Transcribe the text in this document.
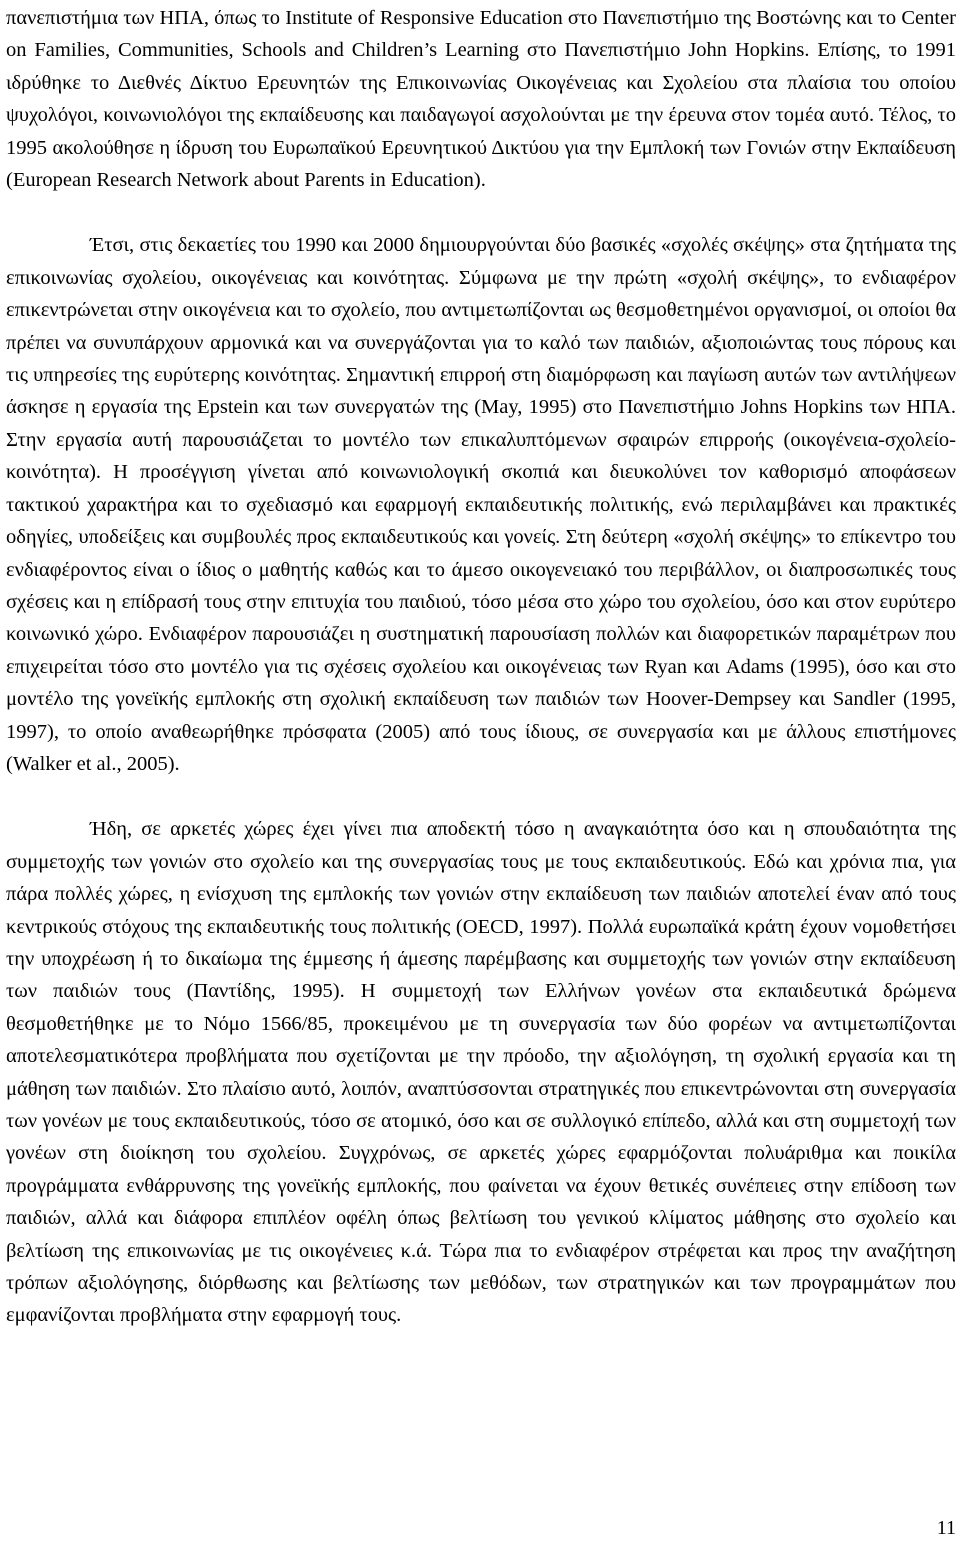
πανεπιστήμια των ΗΠΑ, όπως το Institute of Responsive Education στο Πανεπιστήμιο της Βοστώνης και το Center on Families, Communities, Schools and Children’s Learning στο Πανεπιστήμιο John Hopkins. Επίσης, το 1991 ιδρύθηκε το Διεθνές Δίκτυο Ερευνητών της Επικοινωνίας Οικογένειας και Σχολείου στα πλαίσια του οποίου ψυχολόγοι, κοινωνιολόγοι της εκπαίδευσης και παιδαγωγοί ασχολούνται με την έρευνα στον τομέα αυτό. Τέλος, το 1995 ακολούθησε η ίδρυση του Ευρωπαϊκού Ερευνητικού Δικτύου για την Εμπλοκή των Γονιών στην Εκπαίδευση (European Research Network about Parents in Education).

Έτσι, στις δεκαετίες του 1990 και 2000 δημιουργούνται δύο βασικές «σχολές σκέψης» στα ζητήματα της επικοινωνίας σχολείου, οικογένειας και κοινότητας. Σύμφωνα με την πρώτη «σχολή σκέψης», το ενδιαφέρον επικεντρώνεται στην οικογένεια και το σχολείο, που αντιμετωπίζονται ως θεσμοθετημένοι οργανισμοί, οι οποίοι θα πρέπει να συνυπάρχουν αρμονικά και να συνεργάζονται για το καλό των παιδιών, αξιοποιώντας τους πόρους και τις υπηρεσίες της ευρύτερης κοινότητας. Σημαντική επιρροή στη διαμόρφωση και παγίωση αυτών των αντιλήψεων άσκησε η εργασία της Epstein και των συνεργατών της (May, 1995) στο Πανεπιστήμιο Johns Hopkins των ΗΠΑ. Στην εργασία αυτή παρουσιάζεται το μοντέλο των επικαλυπτόμενων σφαιρών επιρροής (οικογένεια-σχολείο-κοινότητα). Η προσέγγιση γίνεται από κοινωνιολογική σκοπιά και διευκολύνει τον καθορισμό αποφάσεων τακτικού χαρακτήρα και το σχεδιασμό και εφαρμογή εκπαιδευτικής πολιτικής, ενώ περιλαμβάνει και πρακτικές οδηγίες, υποδείξεις και συμβουλές προς εκπαιδευτικούς και γονείς. Στη δεύτερη «σχολή σκέψης» το επίκεντρο του ενδιαφέροντος είναι ο ίδιος ο μαθητής καθώς και το άμεσο οικογενειακό του περιβάλλον, οι διαπροσωπικές τους σχέσεις και η επίδρασή τους στην επιτυχία του παιδιού, τόσο μέσα στο χώρο του σχολείου, όσο και στον ευρύτερο κοινωνικό χώρο. Ενδιαφέρον παρουσιάζει η συστηματική παρουσίαση πολλών και διαφορετικών παραμέτρων που επιχειρείται τόσο στο μοντέλο για τις σχέσεις σχολείου και οικογένειας των Ryan και Adams (1995), όσο και στο μοντέλο της γονεϊκής εμπλοκής στη σχολική εκπαίδευση των παιδιών των Hoover-Dempsey και Sandler (1995, 1997), το οποίο αναθεωρήθηκε πρόσφατα (2005) από τους ίδιους, σε συνεργασία και με άλλους επιστήμονες (Walker et al., 2005).

Ήδη, σε αρκετές χώρες έχει γίνει πια αποδεκτή τόσο η αναγκαιότητα όσο και η σπουδαιότητα της συμμετοχής των γονιών στο σχολείο και της συνεργασίας τους με τους εκπαιδευτικούς. Εδώ και χρόνια πια, για πάρα πολλές χώρες, η ενίσχυση της εμπλοκής των γονιών στην εκπαίδευση των παιδιών αποτελεί έναν από τους κεντρικούς στόχους της εκπαιδευτικής τους πολιτικής (OECD, 1997). Πολλά ευρωπαϊκά κράτη έχουν νομοθετήσει την υποχρέωση ή το δικαίωμα της έμμεσης ή άμεσης παρέμβασης και συμμετοχής των γονιών στην εκπαίδευση των παιδιών τους (Παντίδης, 1995). Η συμμετοχή των Ελλήνων γονέων στα εκπαιδευτικά δρώμενα θεσμοθετήθηκε με το Νόμο 1566/85, προκειμένου με τη συνεργασία των δύο φορέων να αντιμετωπίζονται αποτελεσματικότερα προβλήματα που σχετίζονται με την πρόοδο, την αξιολόγηση, τη σχολική εργασία και τη μάθηση των παιδιών. Στο πλαίσιο αυτό, λοιπόν, αναπτύσσονται στρατηγικές που επικεντρώνονται στη συνεργασία των γονέων με τους εκπαιδευτικούς, τόσο σε ατομικό, όσο και σε συλλογικό επίπεδο, αλλά και στη συμμετοχή των γονέων στη διοίκηση του σχολείου. Συγχρόνως, σε αρκετές χώρες εφαρμόζονται πολυάριθμα και ποικίλα προγράμματα ενθάρρυνσης της γονεϊκής εμπλοκής, που φαίνεται να έχουν θετικές συνέπειες στην επίδοση των παιδιών, αλλά και διάφορα επιπλέον οφέλη όπως βελτίωση του γενικού κλίματος μάθησης στο σχολείο και βελτίωση της επικοινωνίας με τις οικογένειες κ.ά. Τώρα πια το ενδιαφέρον στρέφεται και προς την αναζήτηση τρόπων αξιολόγησης, διόρθωσης και βελτίωσης των μεθόδων, των στρατηγικών και των προγραμμάτων που εμφανίζονται προβλήματα στην εφαρμογή τους.

11
